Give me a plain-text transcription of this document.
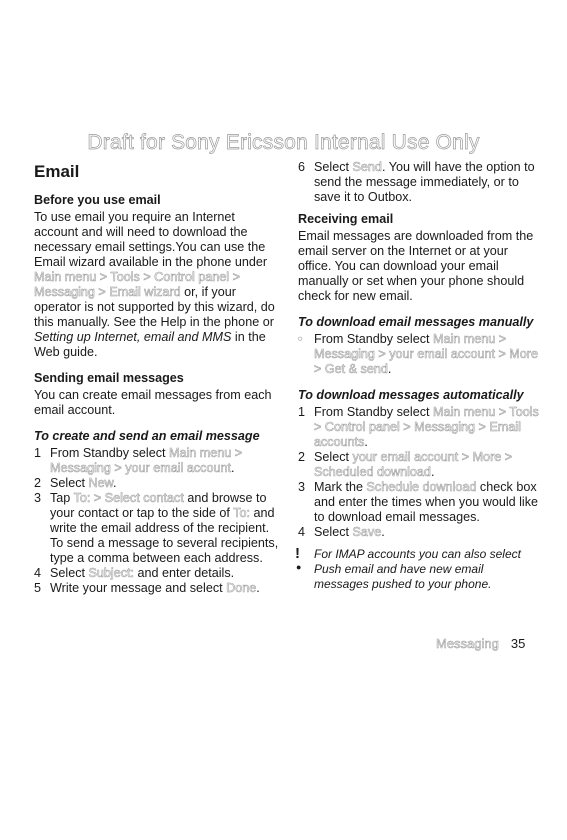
Draft for Sony Ericsson Internal Use Only
Email
Before you use email

To use email you require an Internet account and will need to download the necessary email settings.You can use the Email wizard available in the phone under Main menu > Tools > Control panel > Messaging > Email wizard or, if your operator is not supported by this wizard, do this manually. See the Help in the phone or Setting up Internet, email and MMS in the Web guide.

Sending email messages

You can create email messages from each email account.

To create and send an email message
1 From Standby select Main menu > Messaging > your email account.
2 Select New.
3 Tap To: > Select contact and browse to your contact or tap to the side of To: and write the email address of the recipient. To send a message to several recipients, type a comma between each address.
4 Select Subject: and enter details.
5 Write your message and select Done.
6 Select Send. You will have the option to send the message immediately, or to save it to Outbox.
Receiving email

Email messages are downloaded from the email server on the Internet or at your office. You can download your email manually or set when your phone should check for new email.

To download email messages manually
• From Standby select Main menu > Messaging > your email account > More > Get & send.
To download messages automatically
1 From Standby select Main menu > Tools > Control panel > Messaging > Email accounts.
2 Select your email account > More > Scheduled download.
3 Mark the Schedule download check box and enter the times when you would like to download email messages.
4 Select Save.
!
●
For IMAP accounts you can also select Push email and have new email messages pushed to your phone.
Messaging 35
